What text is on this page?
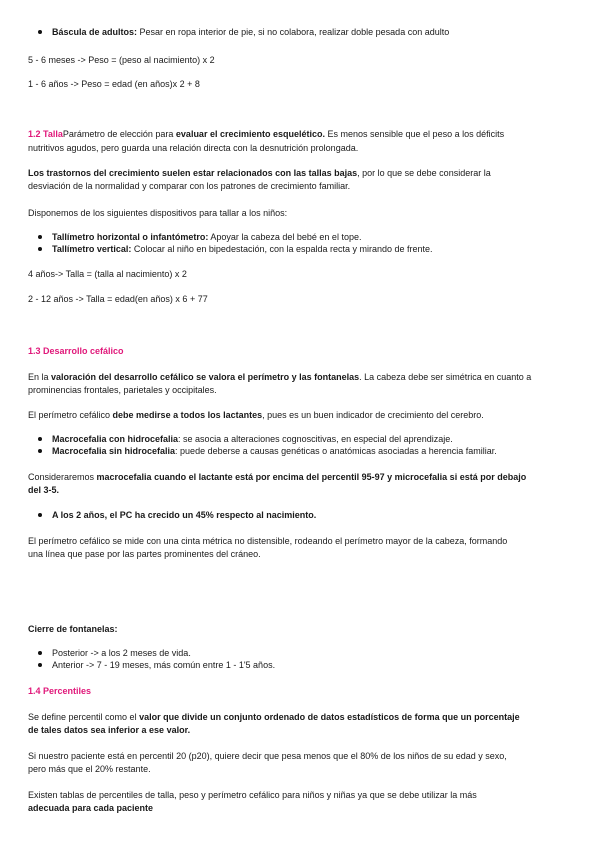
Báscula de adultos: Pesar en ropa interior de pie, si no colabora, realizar doble pesada con adulto
5 - 6 meses -> Peso = (peso al nacimiento) x 2
1 - 6 años -> Peso = edad (en años)x 2 + 8
1.2 TallaParámetro de elección para evaluar el crecimiento esquelético. Es menos sensible que el peso a los déficits
nutritivos agudos, pero guarda una relación directa con la desnutrición prolongada.
Los trastornos del crecimiento suelen estar relacionados con las tallas bajas, por lo que se debe considerar la
desviación de la normalidad y comparar con los patrones de crecimiento familiar.
Disponemos de los siguientes dispositivos para tallar a los niños:
Tallímetro horizontal o infantómetro: Apoyar la cabeza del bebé en el tope.
Tallímetro vertical: Colocar al niño en bipedestación, con la espalda recta y mirando de frente.
4 años-> Talla = (talla al nacimiento) x 2
2 - 12 años -> Talla = edad(en años) x 6 + 77
1.3 Desarrollo cefálico
En la valoración del desarrollo cefálico se valora el perímetro y las fontanelas. La cabeza debe ser simétrica en cuanto a
prominencias frontales, parietales y occipitales.
El perímetro cefálico debe medirse a todos los lactantes, pues es un buen indicador de crecimiento del cerebro.
Macrocefalia con hidrocefalia: se asocia a alteraciones cognoscitivas, en especial del aprendizaje.
Macrocefalia sin hidrocefalia: puede deberse a causas genéticas o anatómicas asociadas a herencia familiar.
Consideraremos macrocefalia cuando el lactante está por encima del percentil 95-97 y microcefalia si está por debajo
del 3-5.
A los 2 años, el PC ha crecido un 45% respecto al nacimiento.
El perímetro cefálico se mide con una cinta métrica no distensible, rodeando el perímetro mayor de la cabeza, formando
una línea que pase por las partes prominentes del cráneo.
Cierre de fontanelas:
Posterior -> a los 2 meses de vida.
Anterior -> 7 - 19 meses, más común entre 1 - 1'5 años.
1.4 Percentiles
Se define percentil como el valor que divide un conjunto ordenado de datos estadísticos de forma que un porcentaje
de tales datos sea inferior a ese valor.
Si nuestro paciente está en percentil 20 (p20), quiere decir que pesa menos que el 80% de los niños de su edad y sexo,
pero más que el 20% restante.
Existen tablas de percentiles de talla, peso y perímetro cefálico para niños y niñas ya que se debe utilizar la más
adecuada para cada paciente
